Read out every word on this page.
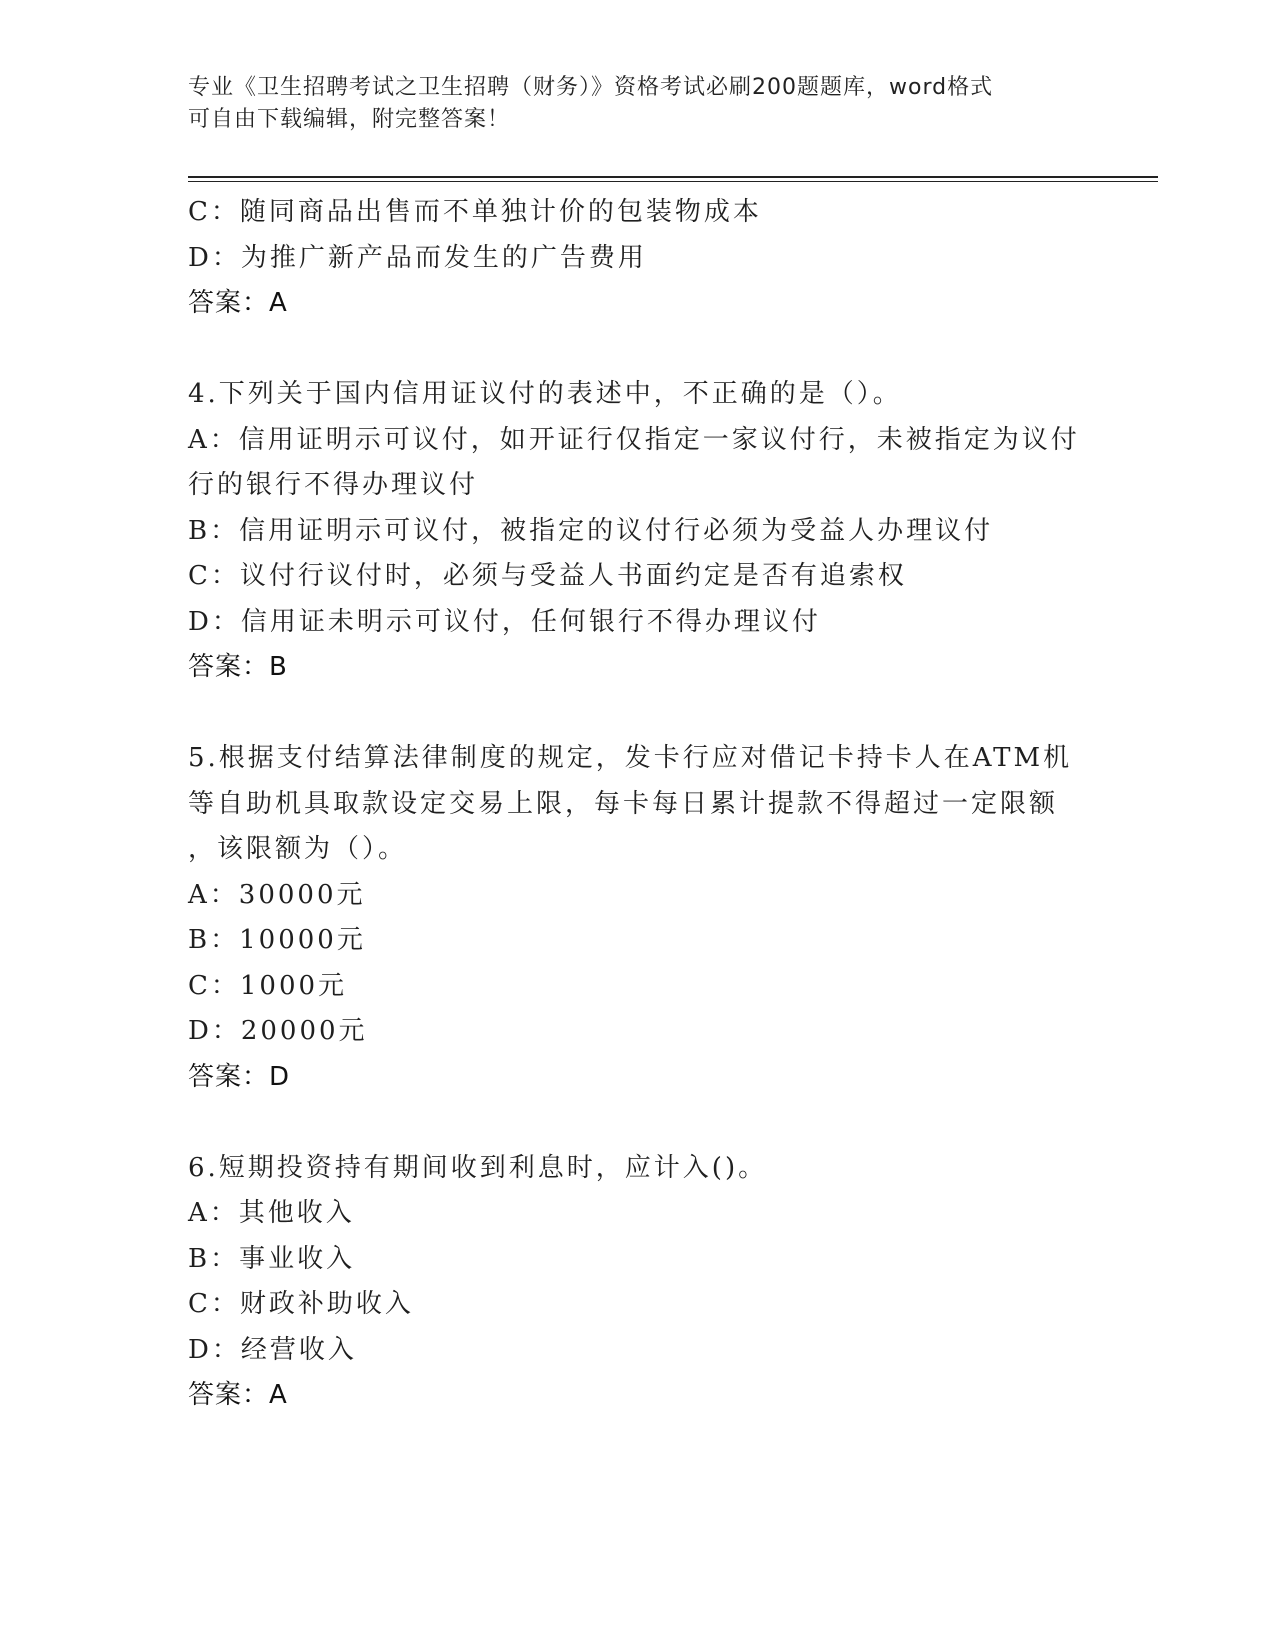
专业《卫生招聘考试之卫生招聘（财务）》资格考试必刷200题题库，word格式
可自由下载编辑，附完整答案！
C：随同商品出售而不单独计价的包装物成本
D：为推广新产品而发生的广告费用
答案：A
4.下列关于国内信用证议付的表述中，不正确的是（）。
A：信用证明示可议付，如开证行仅指定一家议付行，未被指定为议付
行的银行不得办理议付
B：信用证明示可议付，被指定的议付行必须为受益人办理议付
C：议付行议付时，必须与受益人书面约定是否有追索权
D：信用证未明示可议付，任何银行不得办理议付
答案：B
5.根据支付结算法律制度的规定，发卡行应对借记卡持卡人在ATM机
等自助机具取款设定交易上限，每卡每日累计提款不得超过一定限额
，该限额为（）。
A：30000元
B：10000元
C：1000元
D：20000元
答案：D
6.短期投资持有期间收到利息时，应计入()。
A：其他收入
B：事业收入
C：财政补助收入
D：经营收入
答案：A
